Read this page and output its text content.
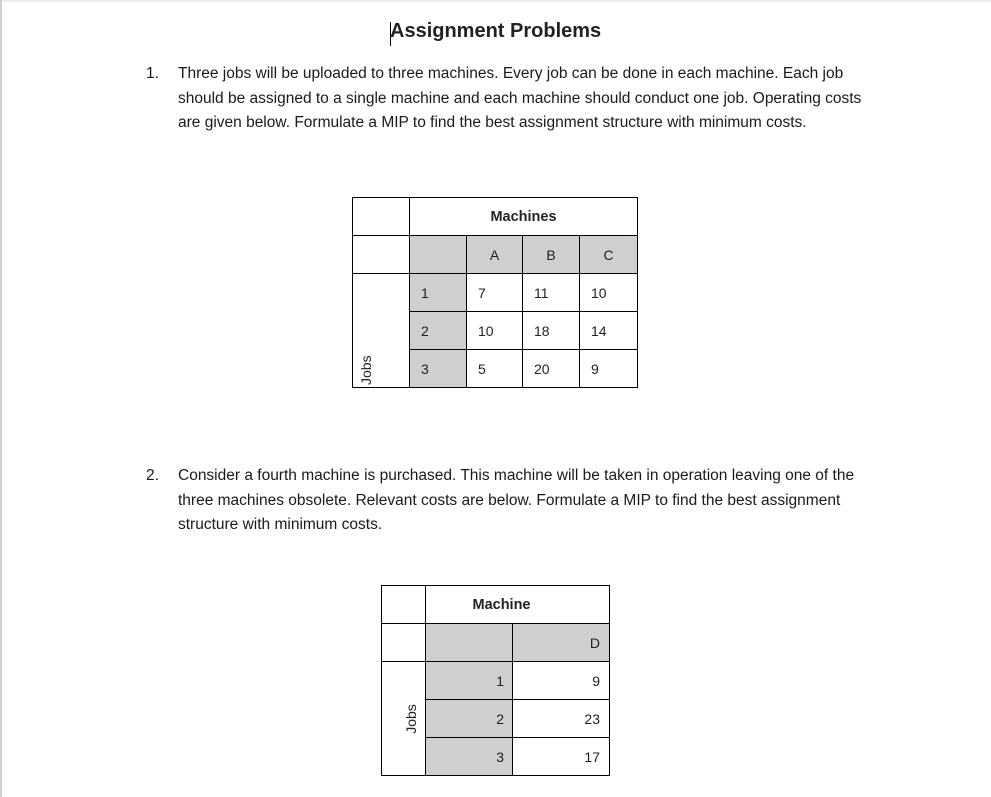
Assignment Problems
1. Three jobs will be uploaded to three machines. Every job can be done in each machine. Each job should be assigned to a single machine and each machine should conduct one job. Operating costs are given below. Formulate a MIP to find the best assignment structure with minimum costs.
	Machines			
		A	B	C

Jobs	1	7	11	10
	2	10	18	14
	3	5	20	9
2. Consider a fourth machine is purchased. This machine will be taken in operation leaving one of the three machines obsolete. Relevant costs are below. Formulate a MIP to find the best assignment structure with minimum costs.
	Machine	
		D

Jobs	1	9
	2	23
	3	17
